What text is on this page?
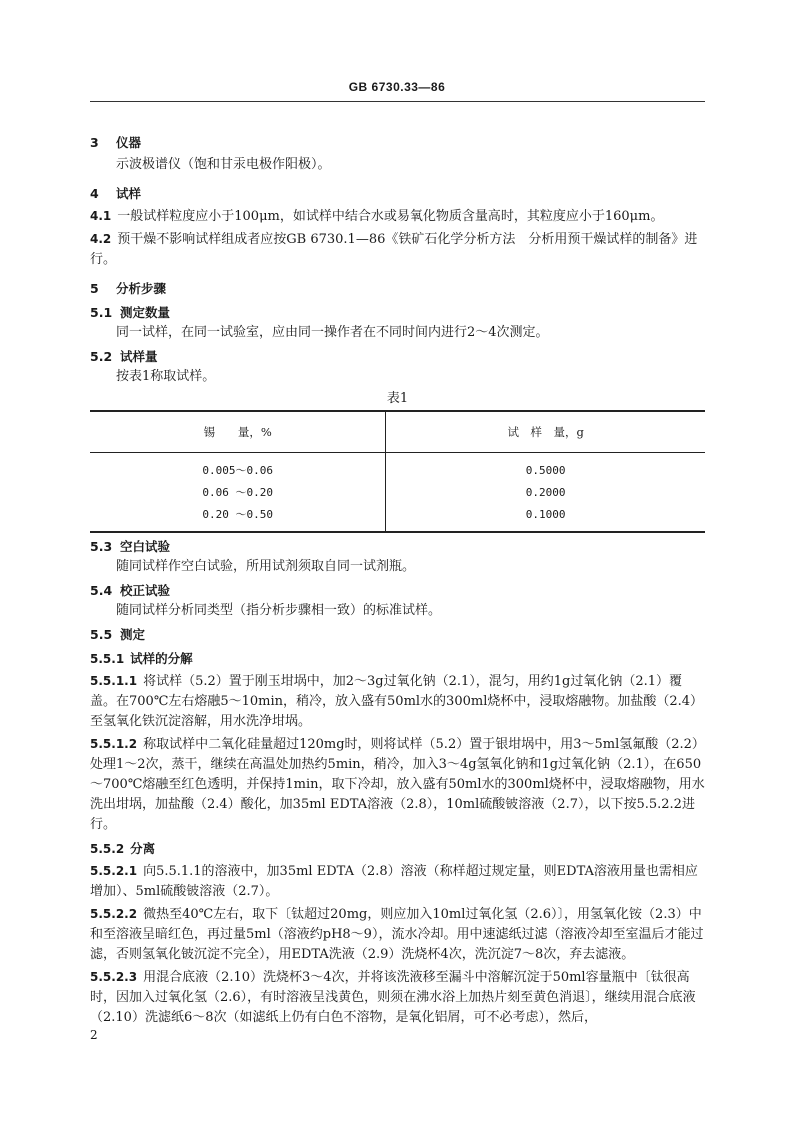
GB 6730.33—86

3 仪器

示波极谱仪（饱和甘汞电极作阳极）。

4 试样

4.1 一般试样粒度应小于100μm，如试样中结合水或易氧化物质含量高时，其粒度应小于160μm。

4.2 预干燥不影响试样组成者应按GB 6730.1—86《铁矿石化学分析方法　分析用预干燥试样的制备》进行。

5 分析步骤

5.1 测定数量

同一试样，在同一试验室，应由同一操作者在不同时间内进行2～4次测定。

5.2 试样量

按表1称取试样。

表1

锡　　量，%	试　样　量，g
0.005～0.06	0.5000
0.06 ～0.20	0.2000
0.20 ～0.50	0.1000

5.3 空白试验

随同试样作空白试验，所用试剂须取自同一试剂瓶。

5.4 校正试验

随同试样分析同类型（指分析步骤相一致）的标准试样。

5.5 测定

5.5.1 试样的分解

5.5.1.1 将试样（5.2）置于刚玉坩埚中，加2～3g过氧化钠（2.1），混匀，用约1g过氧化钠（2.1）覆盖。在700℃左右熔融5～10min，稍冷，放入盛有50ml水的300ml烧杯中，浸取熔融物。加盐酸（2.4）至氢氧化铁沉淀溶解，用水洗净坩埚。

5.5.1.2 称取试样中二氧化硅量超过120mg时，则将试样（5.2）置于银坩埚中，用3～5ml氢氟酸（2.2）处理1～2次，蒸干，继续在高温处加热约5min，稍冷，加入3～4g氢氧化钠和1g过氧化钠（2.1），在650～700℃熔融至红色透明，并保持1min，取下冷却，放入盛有50ml水的300ml烧杯中，浸取熔融物，用水洗出坩埚，加盐酸（2.4）酸化，加35ml EDTA溶液（2.8），10ml硫酸铍溶液（2.7），以下按5.5.2.2进行。

5.5.2 分离

5.5.2.1 向5.5.1.1的溶液中，加35ml EDTA（2.8）溶液（称样超过规定量，则EDTA溶液用量也需相应增加）、5ml硫酸铍溶液（2.7）。

5.5.2.2 微热至40℃左右，取下〔钛超过20mg，则应加入10ml过氧化氢（2.6）〕，用氢氧化铵（2.3）中和至溶液呈暗红色，再过量5ml（溶液约pH8～9），流水冷却。用中速滤纸过滤（溶液冷却至室温后才能过滤，否则氢氧化铍沉淀不完全），用EDTA洗液（2.9）洗烧杯4次，洗沉淀7～8次，弃去滤液。

5.5.2.3 用混合底液（2.10）洗烧杯3～4次，并将该洗液移至漏斗中溶解沉淀于50ml容量瓶中〔钛很高时，因加入过氧化氢（2.6），有时溶液呈浅黄色，则须在沸水浴上加热片刻至黄色消退〕，继续用混合底液（2.10）洗滤纸6～8次（如滤纸上仍有白色不溶物，是氧化铝屑，可不必考虑），然后，

2
